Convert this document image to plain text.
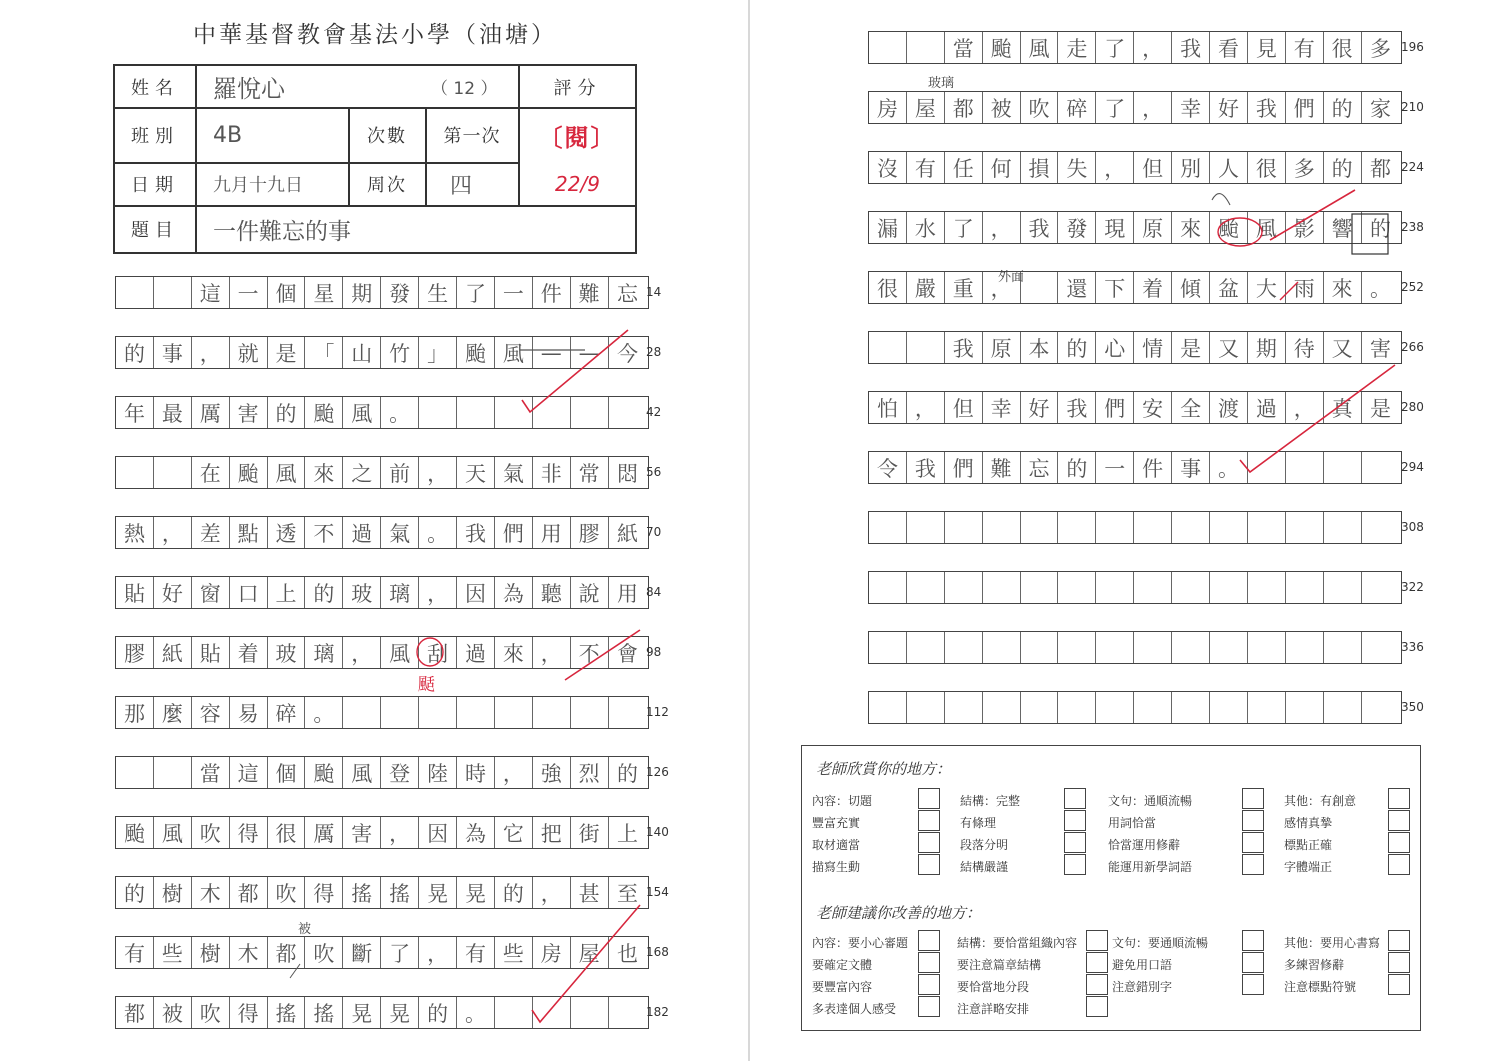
中華基督教會基法小學（油塘）
姓名	羅悅心	（ 12 ）	評分
班別	4B	次數	第一次	〔閱〕
日期	九月十九日	周次	四	22/9
題目	一件難忘的事
這 一 個 星 期 發 生 了 一 件 難 忘 14
的 事 ， 就 是 「 山 竹 」 颱 風 — — 今 28
年 最 厲 害 的 颱 風 。	42
在 颱 風 來 之 前 ， 天 氣 非 常 悶 56
熱 ， 差 點 透 不 過 氣 。 我 們 用 膠 紙 70
貼 好 窗 口 上 的 玻 璃 ， 因 為 聽 說 用 84
膠 紙 貼 着 玻 璃 ， 風 刮 過 來 ， 不 會 98
那 麼 容 易 碎 。	112
當 這 個 颱 風 登 陸 時 ， 強 烈 的 126
颱 風 吹 得 很 厲 害 ， 因 為 它 把 街 上 140
的 樹 木 都 吹 得 搖 搖 晃 晃 的 ， 甚 至 154
有 些 樹 木 都 吹 斷 了 ， 有 些 房 屋 也 168
都 被 吹 得 搖 搖 晃 晃 的 。	182
颳
被
當 颱 風 走 了 ， 我 看 見 有 很 多 196
房 屋 都 被 吹 碎 了 ， 幸 好 我 們 的 家 210
沒 有 任 何 損 失 ， 但 別 人 很 多 的 都 224
漏 水 了 ， 我 發 現 原 來 颱 風 影 響 的 238
很 嚴 重 ，	還 下 着 傾 盆 大 雨 來 。 252
我 原 本 的 心 情 是 又 期 待 又 害 266
怕 ， 但 幸 好 我 們 安 全 渡 過 ， 真 是 280
令 我 們 難 忘 的 一 件 事 。	294
308
322
336
350
玻璃
外面
老師欣賞你的地方：
內容：切題
豐富充實
取材適當
描寫生動
結構：完整
有條理
段落分明
結構嚴謹
文句：通順流暢
用詞恰當
恰當運用修辭
能運用新學詞語
其他：有創意
感情真摯
標點正確
字體端正
老師建議你改善的地方：
內容：要小心審題
要確定文體
要豐富內容
多表達個人感受
結構：要恰當組織內容
要注意篇章結構
要恰當地分段
注意詳略安排
文句：要通順流暢
避免用口語
注意錯別字
其他：要用心書寫
多練習修辭
注意標點符號
